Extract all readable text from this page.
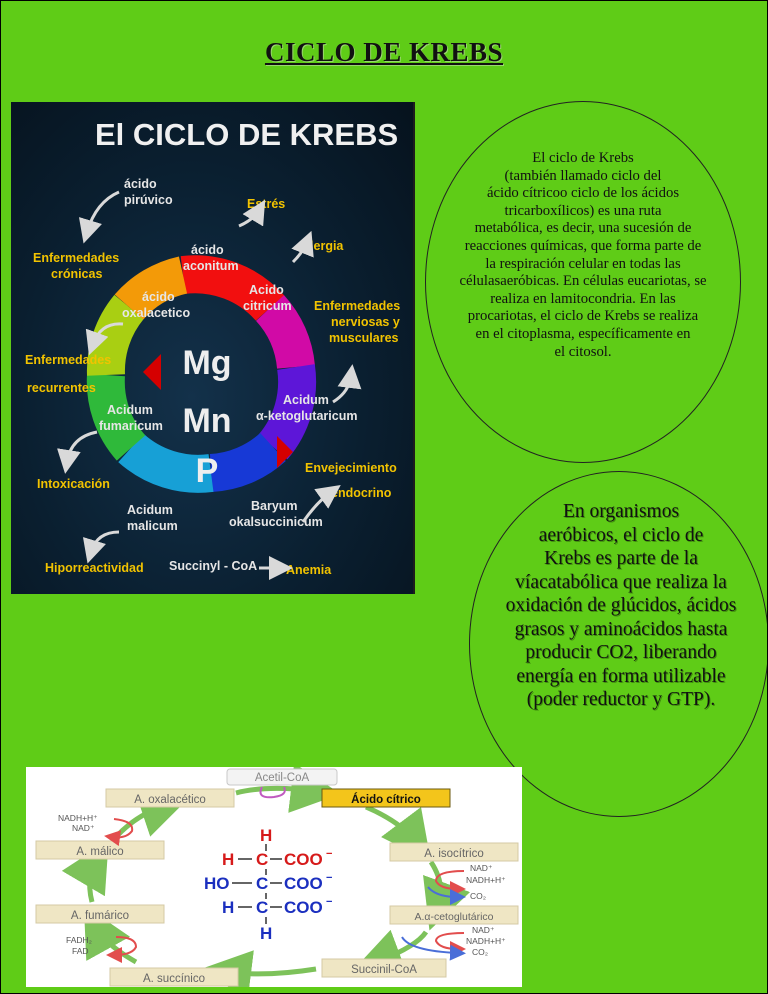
CICLO DE KREBS
El CICLO DE KREBS
Mg
Mn
P
ácido
pirúvico
ácido
aconitum
ácido
oxalacetico
Acido
citricum
Acidum
fumaricum
Acidum
α-ketoglutaricum
Acidum
malicum
Baryum
okalsuccinicum
Succinyl - CoA
Estrés
Alergia
Enfermedades
crónicas
Enfermedades
nerviosas y
musculares
Enfermedades
recurrentes
Envejecimiento
endocrino
Intoxicación
Hiporreactividad	Anemia
El ciclo de Krebs
(también llamado ciclo del
ácido cítricoo ciclo de los ácidos
tricarboxílicos) es una ruta
metabólica, es decir, una sucesión de
reacciones químicas, que forma parte de
la respiración celular en todas las
célulasaeróbicas. En células eucariotas, se
realiza en lamitocondria. En las
procariotas, el ciclo de Krebs se realiza
en el citoplasma, específicamente en
el citosol.
En organismos
aeróbicos, el ciclo de
Krebs es parte de la
víacatabólica que realiza la
oxidación de glúcidos, ácidos
grasos y aminoácidos hasta
producir CO2, liberando
energía en forma utilizable
(poder reductor y GTP).
Acetil-CoA
A. oxalacético	Ácido cítrico
A. málico	A. isocítrico
A. fumárico	A.α-cetoglutárico
A. succínico
Succinil-CoA
NADH+H⁺
NAD⁺
FADH₂
FAD
NAD⁺
NADH+H⁺
CO₂
NAD⁺
NADH+H⁺
CO₂
H
H C COO −
HO C COO −
H C COO −
H
